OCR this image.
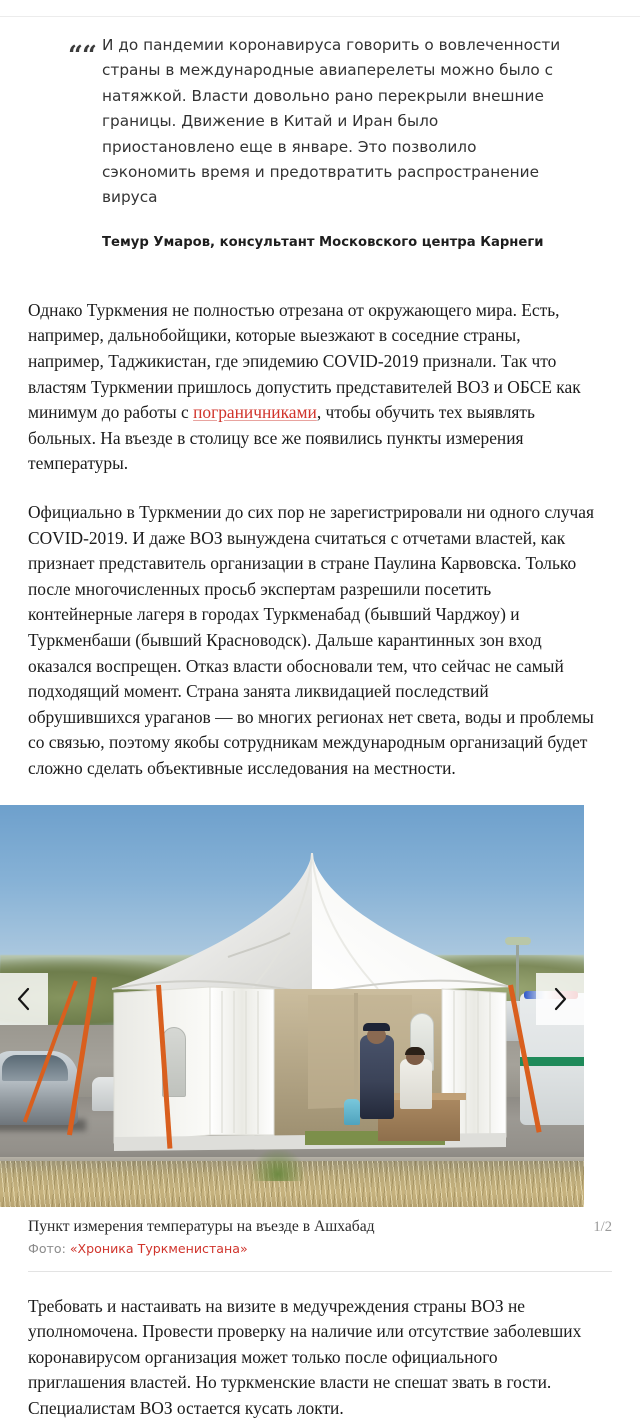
““ И до пандемии коронавируса говорить о вовлеченности страны в международные авиаперелеты можно было с натяжкой. Власти довольно рано перекрыли внешние границы. Движение в Китай и Иран было приостановлено еще в январе. Это позволило сэкономить время и предотвратить распространение вируса

Темур Умаров, консультант Московского центра Карнеги

Однако Туркмения не полностью отрезана от окружающего мира. Есть, например, дальнобойщики, которые выезжают в соседние страны, например, Таджикистан, где эпидемию COVID-2019 признали. Так что властям Туркмении пришлось допустить представителей ВОЗ и ОБСЕ как минимум до работы с пограничниками, чтобы обучить тех выявлять больных. На въезде в столицу все же появились пункты измерения температуры.

Официально в Туркмении до сих пор не зарегистрировали ни одного случая COVID-2019. И даже ВОЗ вынуждена считаться с отчетами властей, как признает представитель организации в стране Паулина Карвовска. Только после многочисленных просьб экспертам разрешили посетить контейнерные лагеря в городах Туркменабад (бывший Чарджоу) и Туркменбаши (бывший Красноводск). Дальше карантинных зон вход оказался воспрещен. Отказ власти обосновали тем, что сейчас не самый подходящий момент. Страна занята ликвидацией последствий обрушившихся ураганов — во многих регионах нет света, воды и проблемы со связью, поэтому якобы сотрудникам международным организаций будет сложно сделать объективные исследования на местности.

Пункт измерения температуры на въезде в Ашхабад	1/2
Фото: «Хроника Туркменистана»

Требовать и настаивать на визите в медучреждения страны ВОЗ не уполномочена. Провести проверку на наличие или отсутствие заболевших коронавирусом организация может только после официального приглашения властей. Но туркменские власти не спешат звать в гости. Специалистам ВОЗ остается кусать локти.
